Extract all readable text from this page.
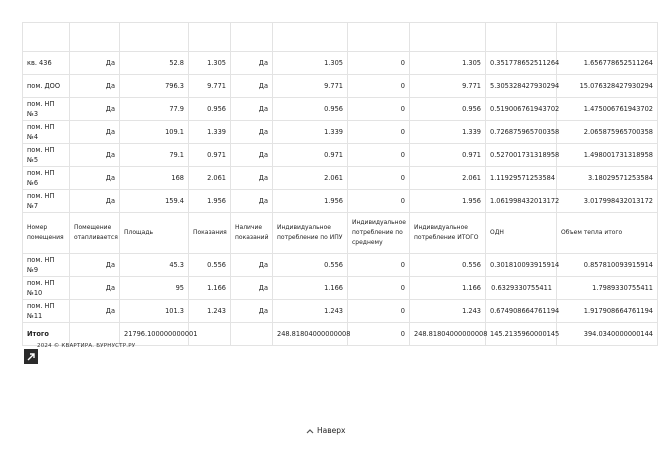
кв. 436	Да	52.8	1.305	Да	1.305	0	1.305	0.351778652511264	1.656778652511264
пом. ДОО	Да	796.3	9.771	Да	9.771	0	9.771	5.305328427930294	15.076328427930294
пом. НП №3	Да	77.9	0.956	Да	0.956	0	0.956	0.519006761943702	1.475006761943702
пом. НП №4	Да	109.1	1.339	Да	1.339	0	1.339	0.726875965700358	2.065875965700358
пом. НП №5	Да	79.1	0.971	Да	0.971	0	0.971	0.527001731318958	1.498001731318958
пом. НП №6	Да	168	2.061	Да	2.061	0	2.061	1.11929571253584	3.18029571253584
пом. НП №7	Да	159.4	1.956	Да	1.956	0	1.956	1.061998432013172	3.017998432013172
Номер помещения	Помещение отапливается	Площадь	Показания	Наличие показаний	Индивидуальное потребление по ИПУ	Индивидуальное потребление по среднему	Индивидуальное потребление ИТОГО	ОДН	Объем тепла итого
пом. НП №9	Да	45.3	0.556	Да	0.556	0	0.556	0.301810093915914	0.857810093915914
пом. НП №10	Да	95	1.166	Да	1.166	0	1.166	0.6329330755411	1.7989330755411
пом. НП №11	Да	101.3	1.243	Да	1.243	0	1.243	0.674908664761194	1.917908664761194
Итого		21796.100000000001			248.81804000000008	0	248.81804000000008	145.2135960000145	394.0340000000144
2024 © КВАРТИРА. БУРНУСТР.РУ
Наверх
